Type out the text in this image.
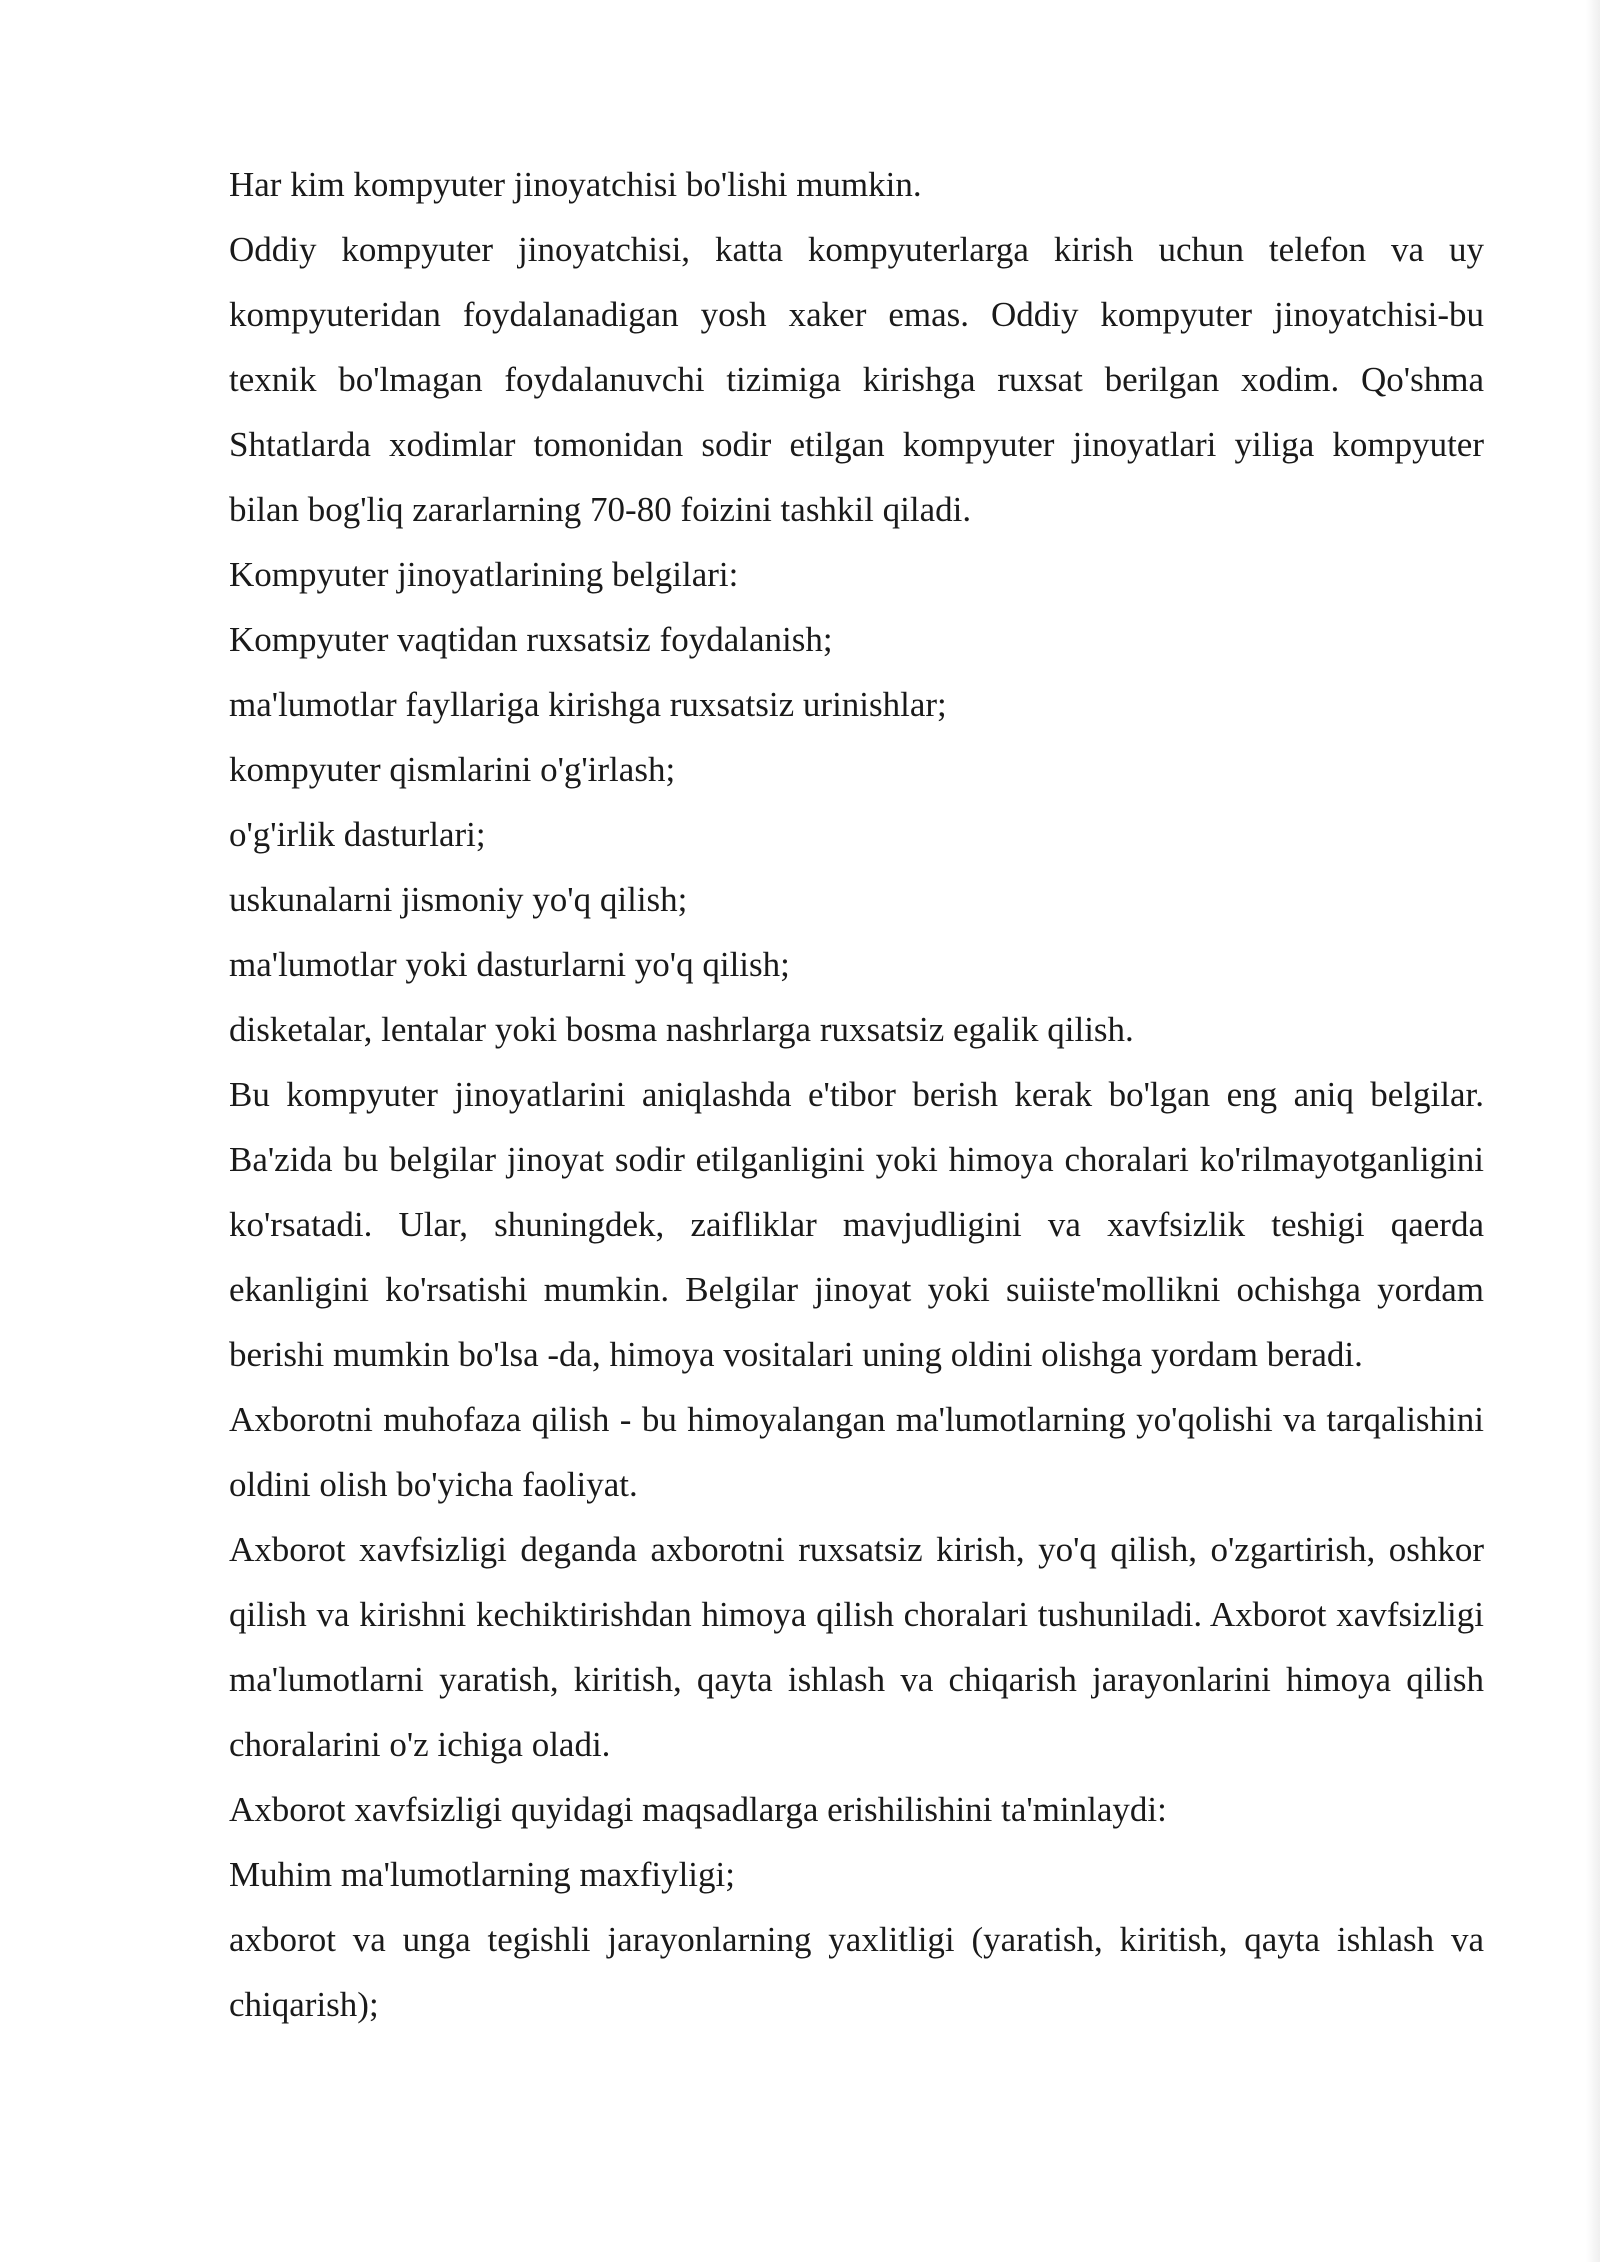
Har kim kompyuter jinoyatchisi bo'lishi mumkin.

Oddiy kompyuter jinoyatchisi, katta kompyuterlarga kirish uchun telefon va uy kompyuteridan foydalanadigan yosh xaker emas. Oddiy kompyuter jinoyatchisi-bu texnik bo'lmagan foydalanuvchi tizimiga kirishga ruxsat berilgan xodim. Qo'shma Shtatlarda xodimlar tomonidan sodir etilgan kompyuter jinoyatlari yiliga kompyuter bilan bog'liq zararlarning 70-80 foizini tashkil qiladi.

Kompyuter jinoyatlarining belgilari:

Kompyuter vaqtidan ruxsatsiz foydalanish;

ma'lumotlar fayllariga kirishga ruxsatsiz urinishlar;

kompyuter qismlarini o'g'irlash;

o'g'irlik dasturlari;

uskunalarni jismoniy yo'q qilish;

ma'lumotlar yoki dasturlarni yo'q qilish;

disketalar, lentalar yoki bosma nashrlarga ruxsatsiz egalik qilish.

Bu kompyuter jinoyatlarini aniqlashda e'tibor berish kerak bo'lgan eng aniq belgilar. Ba'zida bu belgilar jinoyat sodir etilganligini yoki himoya choralari ko'rilmayotganligini ko'rsatadi. Ular, shuningdek, zaifliklar mavjudligini va xavfsizlik teshigi qaerda ekanligini ko'rsatishi mumkin. Belgilar jinoyat yoki suiiste'mollikni ochishga yordam berishi mumkin bo'lsa -da, himoya vositalari uning oldini olishga yordam beradi.

Axborotni muhofaza qilish - bu himoyalangan ma'lumotlarning yo'qolishi va tarqalishini oldini olish bo'yicha faoliyat.

Axborot xavfsizligi deganda axborotni ruxsatsiz kirish, yo'q qilish, o'zgartirish, oshkor qilish va kirishni kechiktirishdan himoya qilish choralari tushuniladi. Axborot xavfsizligi ma'lumotlarni yaratish, kiritish, qayta ishlash va chiqarish jarayonlarini himoya qilish choralarini o'z ichiga oladi.

Axborot xavfsizligi quyidagi maqsadlarga erishilishini ta'minlaydi:

Muhim ma'lumotlarning maxfiyligi;

axborot va unga tegishli jarayonlarning yaxlitligi (yaratish, kiritish, qayta ishlash va chiqarish);
